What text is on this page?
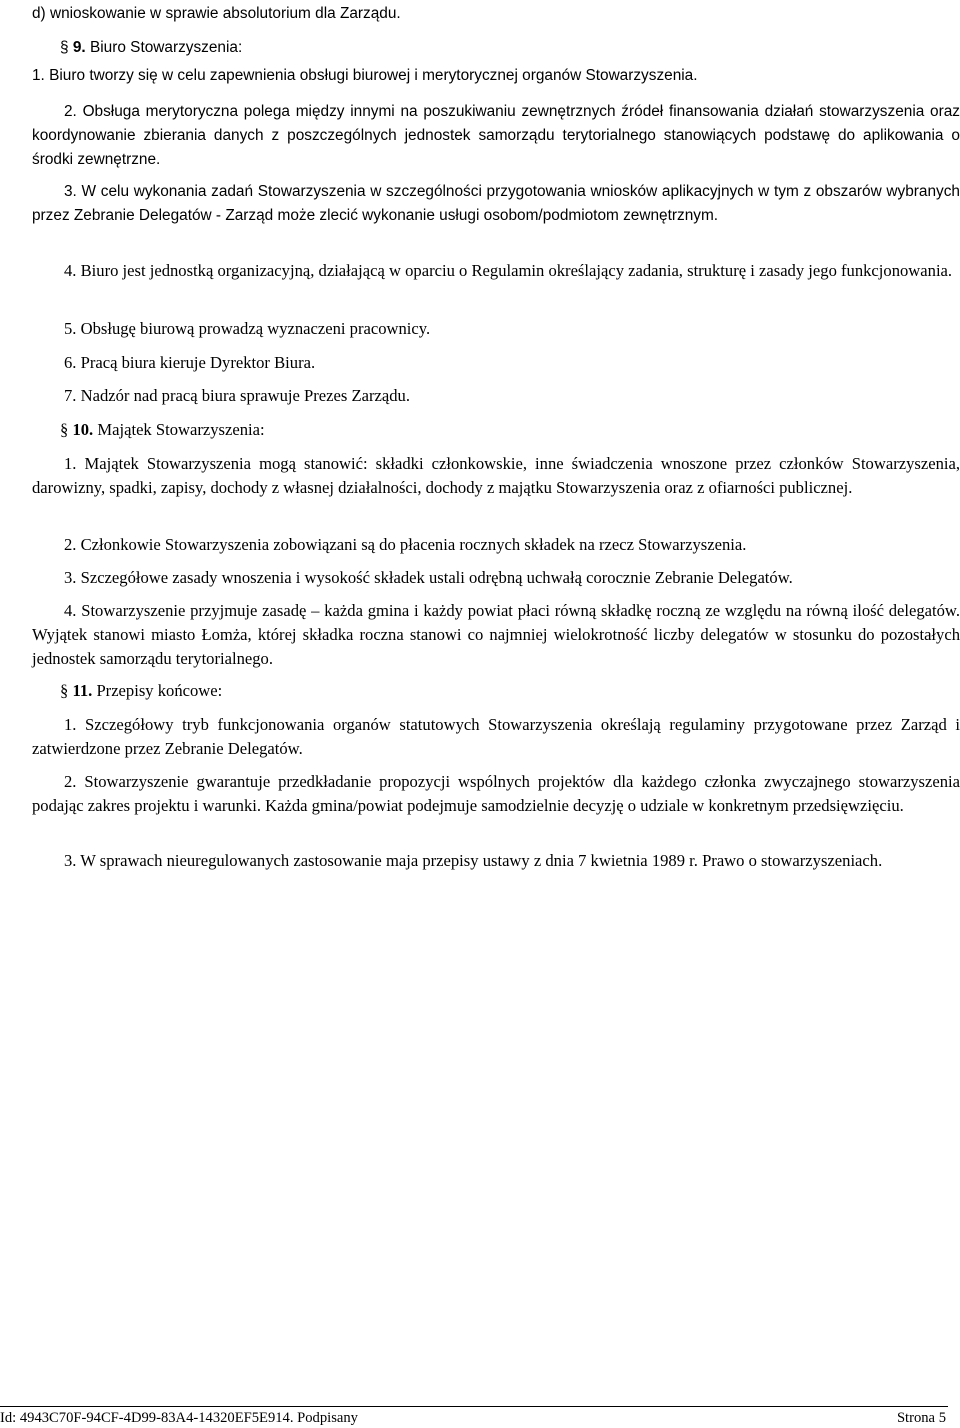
d) wnioskowanie w sprawie absolutorium dla Zarządu.

§ 9. Biuro Stowarzyszenia:

1. Biuro tworzy się w celu zapewnienia obsługi biurowej i merytorycznej organów Stowarzyszenia.

2. Obsługa merytoryczna polega między innymi na poszukiwaniu zewnętrznych źródeł finansowania działań stowarzyszenia oraz koordynowanie zbierania danych z poszczególnych jednostek samorządu terytorialnego stanowiących podstawę do aplikowania o środki zewnętrzne.

3. W celu wykonania zadań Stowarzyszenia w szczególności przygotowania wniosków aplikacyjnych w tym z obszarów wybranych przez Zebranie Delegatów - Zarząd może zlecić wykonanie usługi osobom/podmiotom zewnętrznym.

4. Biuro jest jednostką organizacyjną, działającą w oparciu o Regulamin określający zadania, strukturę i zasady jego funkcjonowania.

5. Obsługę biurową prowadzą wyznaczeni pracownicy.

6. Pracą biura kieruje Dyrektor Biura.

7. Nadzór nad pracą biura sprawuje Prezes Zarządu.

§ 10. Majątek Stowarzyszenia:

1. Majątek Stowarzyszenia mogą stanowić: składki członkowskie, inne świadczenia wnoszone przez członków Stowarzyszenia, darowizny, spadki, zapisy, dochody z własnej działalności, dochody z majątku Stowarzyszenia oraz z ofiarności publicznej.

2. Członkowie Stowarzyszenia zobowiązani są do płacenia rocznych składek na rzecz Stowarzyszenia.

3. Szczegółowe zasady wnoszenia i wysokość składek ustali odrębną uchwałą corocznie Zebranie Delegatów.

4. Stowarzyszenie przyjmuje zasadę – każda gmina i każdy powiat płaci równą składkę roczną ze względu na równą ilość delegatów. Wyjątek stanowi miasto Łomża, której składka roczna stanowi co najmniej wielokrotność liczby delegatów w stosunku do pozostałych jednostek samorządu terytorialnego.

§ 11. Przepisy końcowe:

1. Szczegółowy tryb funkcjonowania organów statutowych Stowarzyszenia określają regulaminy przygotowane przez Zarząd i zatwierdzone przez Zebranie Delegatów.

2. Stowarzyszenie gwarantuje przedkładanie propozycji wspólnych projektów dla każdego członka zwyczajnego stowarzyszenia podając zakres projektu i warunki. Każda gmina/powiat podejmuje samodzielnie decyzję o udziale w konkretnym przedsięwzięciu.

3. W sprawach nieuregulowanych zastosowanie maja przepisy ustawy z dnia 7 kwietnia 1989 r. Prawo o stowarzyszeniach.

Id: 4943C70F-94CF-4D99-83A4-14320EF5E914. Podpisany	Strona 5
